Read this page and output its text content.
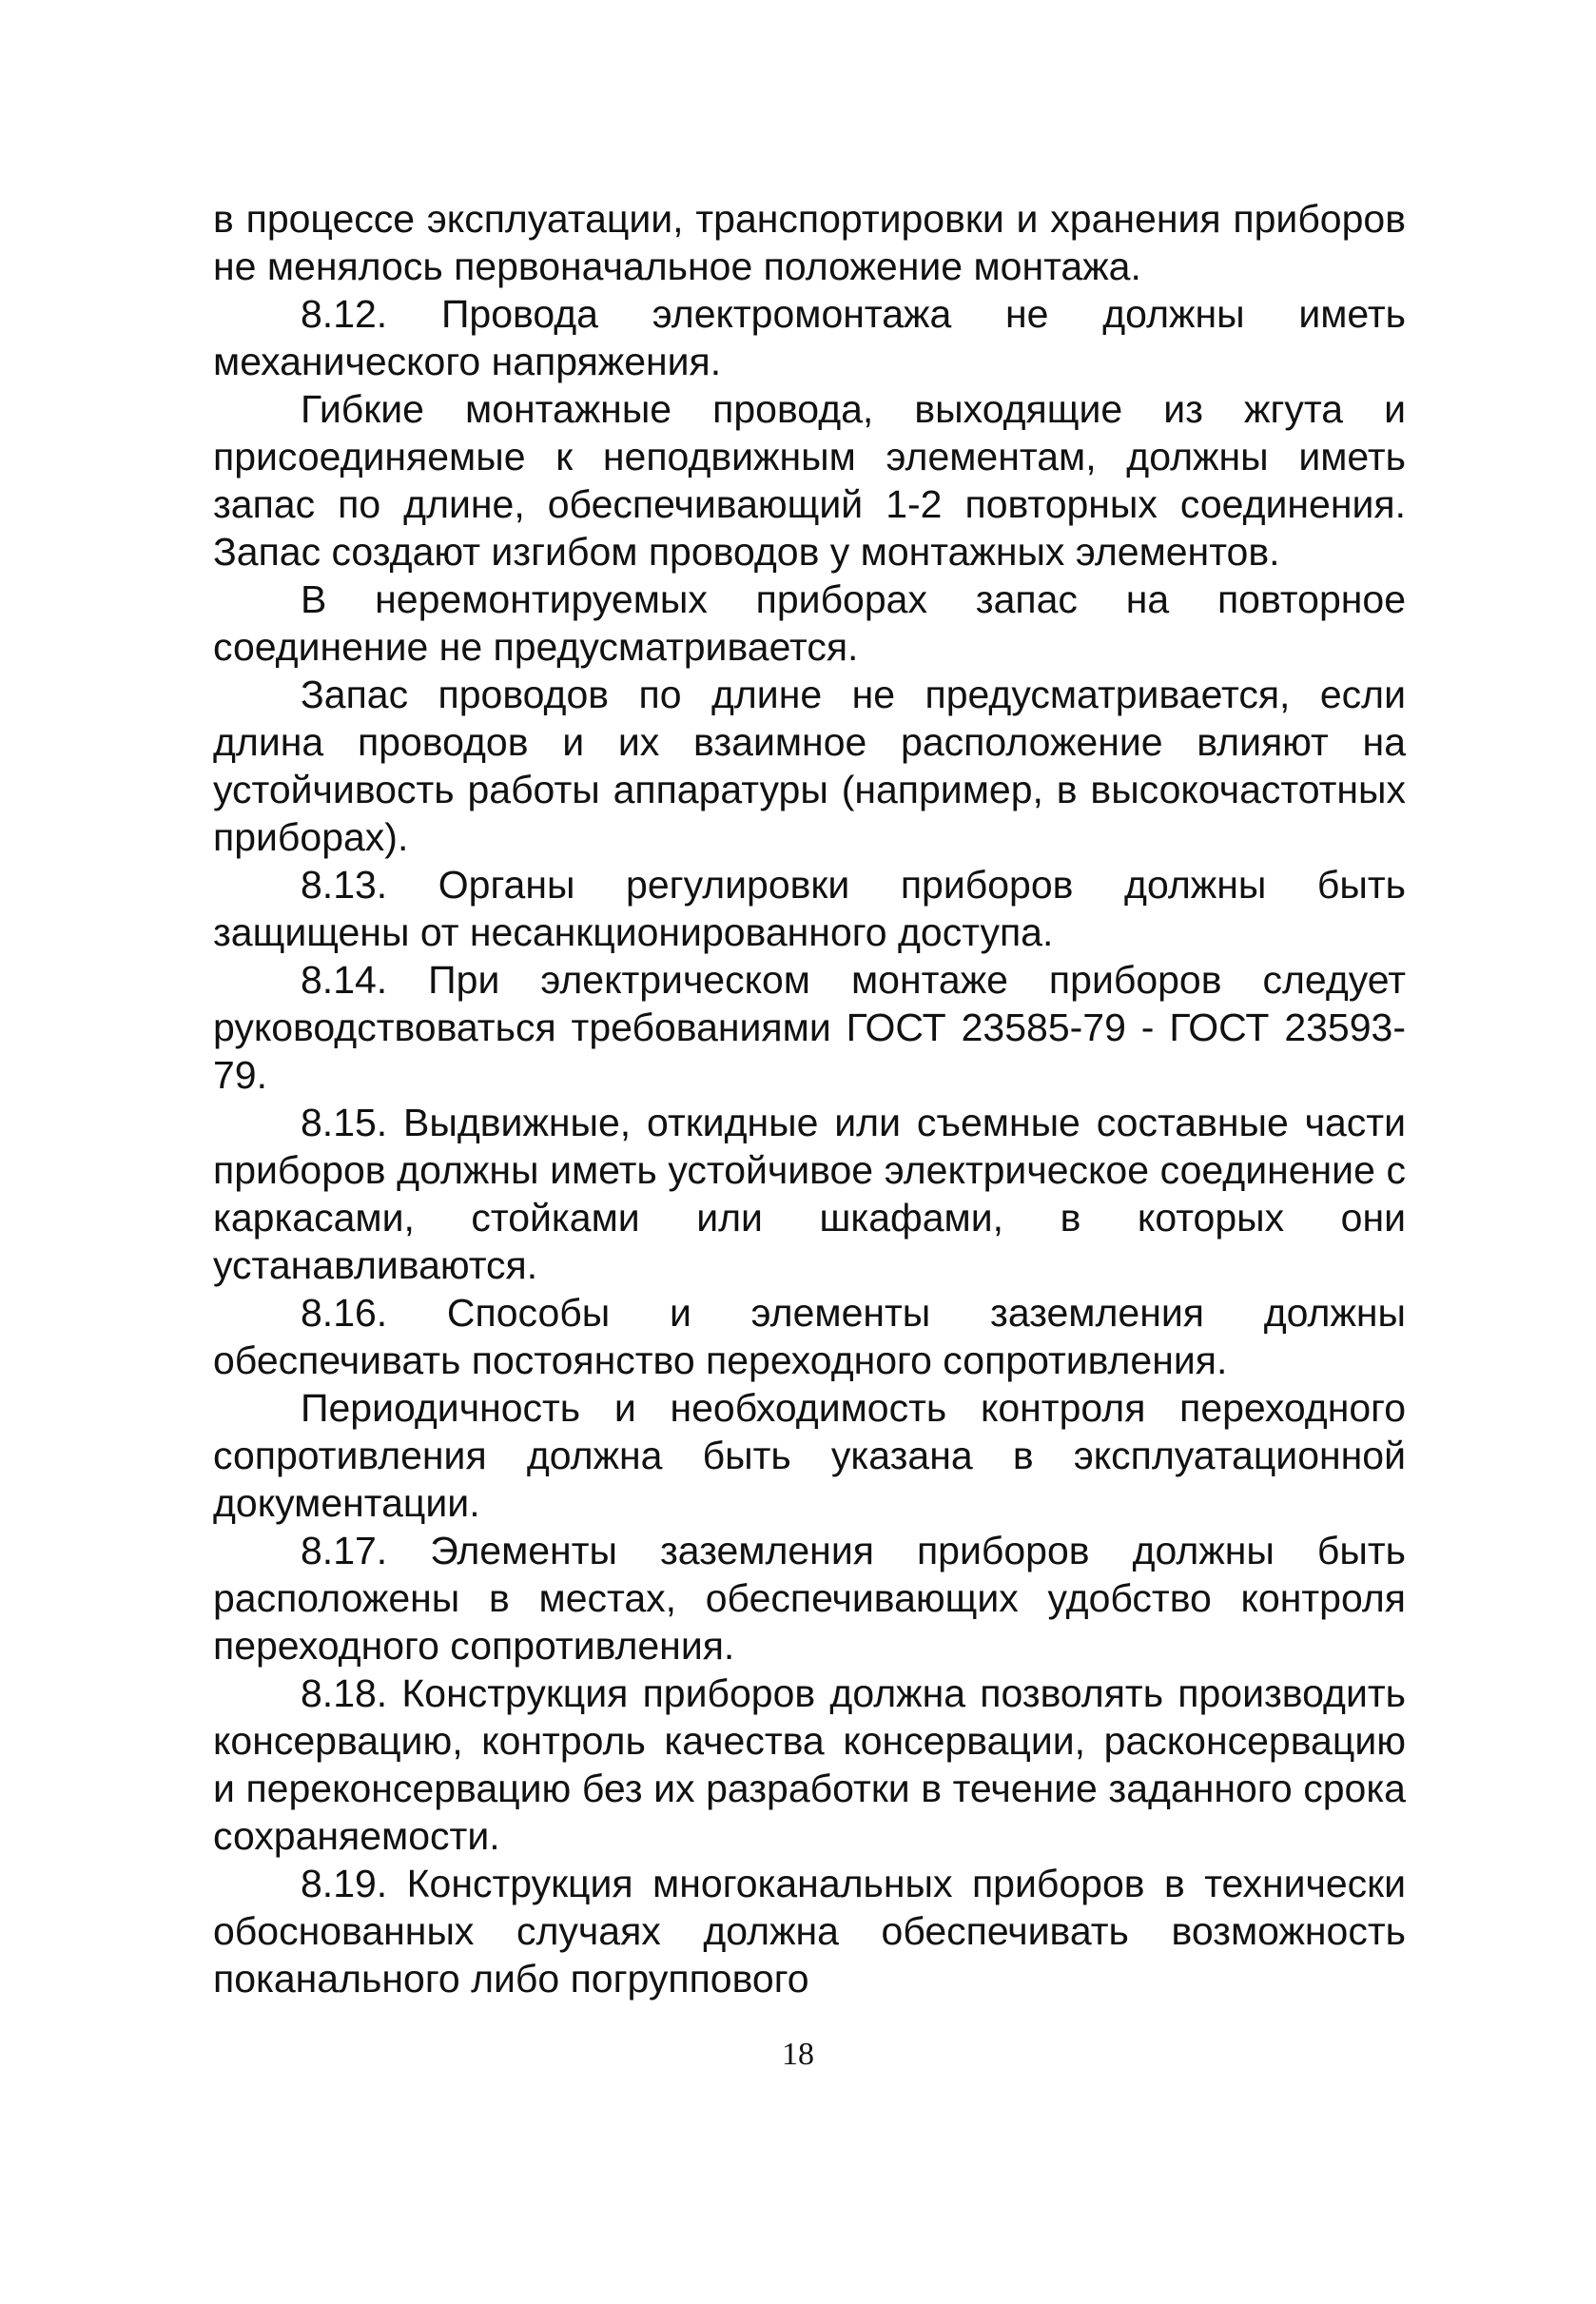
в процессе эксплуатации, транспортировки и хранения приборов не менялось первоначальное положение монтажа.

8.12. Провода электромонтажа не должны иметь механического напряжения.

Гибкие монтажные провода, выходящие из жгута и присоединяемые к неподвижным элементам, должны иметь запас по длине, обеспечивающий 1-2 повторных соединения. Запас создают изгибом проводов у монтажных элементов.

В неремонтируемых приборах запас на повторное соединение не предусматривается.

Запас проводов по длине не предусматривается, если длина проводов и их взаимное расположение влияют на устойчивость работы аппаратуры (например, в высокочастотных приборах).

8.13. Органы регулировки приборов должны быть защищены от несанкционированного доступа.

8.14. При электрическом монтаже приборов следует руководствоваться требованиями ГОСТ 23585-79 - ГОСТ 23593-79.

8.15. Выдвижные, откидные или съемные составные части приборов должны иметь устойчивое электрическое соединение с каркасами, стойками или шкафами, в которых они устанавливаются.

8.16. Способы и элементы заземления должны обеспечивать постоянство переходного сопротивления.

Периодичность и необходимость контроля переходного сопротивления должна быть указана в эксплуатационной документации.

8.17. Элементы заземления приборов должны быть расположены в местах, обеспечивающих удобство контроля переходного сопротивления.

8.18. Конструкция приборов должна позволять производить консервацию, контроль качества консервации, расконсервацию и переконсервацию без их разработки в течение заданного срока сохраняемости.

8.19. Конструкция многоканальных приборов в технически обоснованных случаях должна обеспечивать возможность поканального либо погруппового

18
